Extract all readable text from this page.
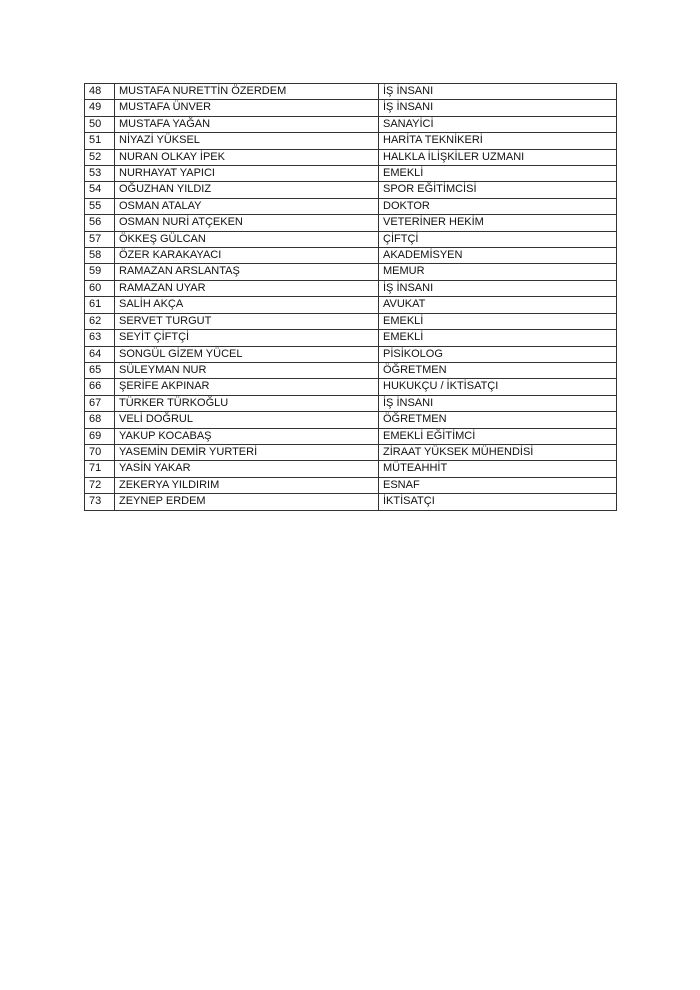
48	MUSTAFA NURETTİN ÖZERDEM	İŞ İNSANI
49	MUSTAFA ÜNVER	İŞ İNSANI
50	MUSTAFA YAĞAN	SANAYİCİ
51	NİYAZİ YÜKSEL	HARİTA TEKNİKERİ
52	NURAN OLKAY İPEK	HALKLA İLİŞKİLER UZMANI
53	NURHAYAT YAPICI	EMEKLİ
54	OĞUZHAN YILDIZ	SPOR EĞİTİMCİSİ
55	OSMAN ATALAY	DOKTOR
56	OSMAN NURİ ATÇEKEN	VETERİNER HEKİM
57	ÖKKEŞ GÜLCAN	ÇİFTÇİ
58	ÖZER KARAKAYACI	AKADEMİSYEN
59	RAMAZAN ARSLANTAŞ	MEMUR
60	RAMAZAN UYAR	İŞ İNSANI
61	SALİH AKÇA	AVUKAT
62	SERVET TURGUT	EMEKLİ
63	SEYİT ÇİFTÇİ	EMEKLİ
64	SONGÜL GİZEM YÜCEL	PİSİKOLOG
65	SÜLEYMAN NUR	ÖĞRETMEN
66	ŞERİFE AKPINAR	HUKUKÇU / İKTİSATÇI
67	TÜRKER TÜRKOĞLU	İŞ İNSANI
68	VELİ DOĞRUL	ÖĞRETMEN
69	YAKUP KOCABAŞ	EMEKLİ EĞİTİMCİ
70	YASEMİN DEMİR YURTERİ	ZİRAAT YÜKSEK MÜHENDİSİ
71	YASİN YAKAR	MÜTEAHHİT
72	ZEKERYA YILDIRIM	ESNAF
73	ZEYNEP ERDEM	İKTİSATÇI
